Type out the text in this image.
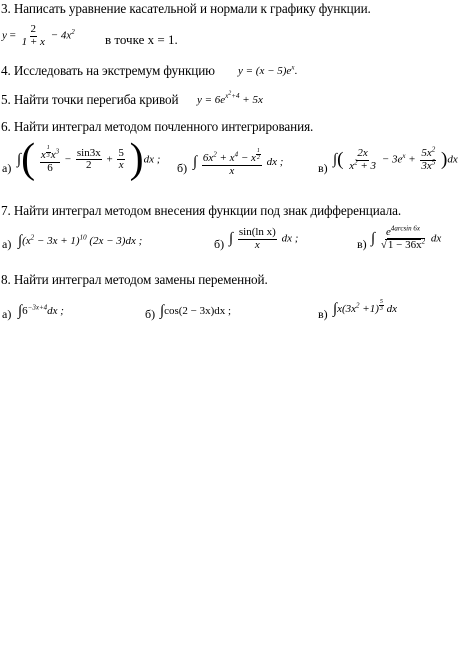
3. Написать уравнение касательной и нормали к графику функции.
$y = \frac{2}{1 + x} - 4x^2$
в точке x = 1.
4. Исследовать на экстремум функцию $y = (x - 5)e^x$.
5. Найти точки перегиба кривой $y = 6e^{x^2+4} + 5x$
6. Найти интеграл методом почленного интегрирования.
а)
∫( x $^{\frac{1}{3}}$ $x^3$
$6 - \frac{\sin 3x}{2} + \frac{5}{x} )dx$ ;
б) ∫ $6x^2 + x^4 - x$ $^{\frac{1}{2}}$
x dx ;	в)
∫( $\frac{2x}{x^2 + 3} - 3e^x + \frac{5x^2}{3x^5} )dx$
7. Найти интеграл методом внесения функции под знак дифференциала.
а) $\int(x^2 - 3x + 1)^{10}$ (2x − 3)dx ;	б) ∫ $\frac{\text{sin(ln x)}}{x}$ dx ;	в) ∫ $\frac{e^{4arcsin 6x}}{√1 - 36x^2}$ dx
8. Найти интеграл методом замены переменной.
а) $\int 6^{-3x+4}dx$ ;	б) ∫cos(2 − 3x)dx ;	в) $\int x(3x^2 +1)$ $^{\frac{5}{3}}$ dx
